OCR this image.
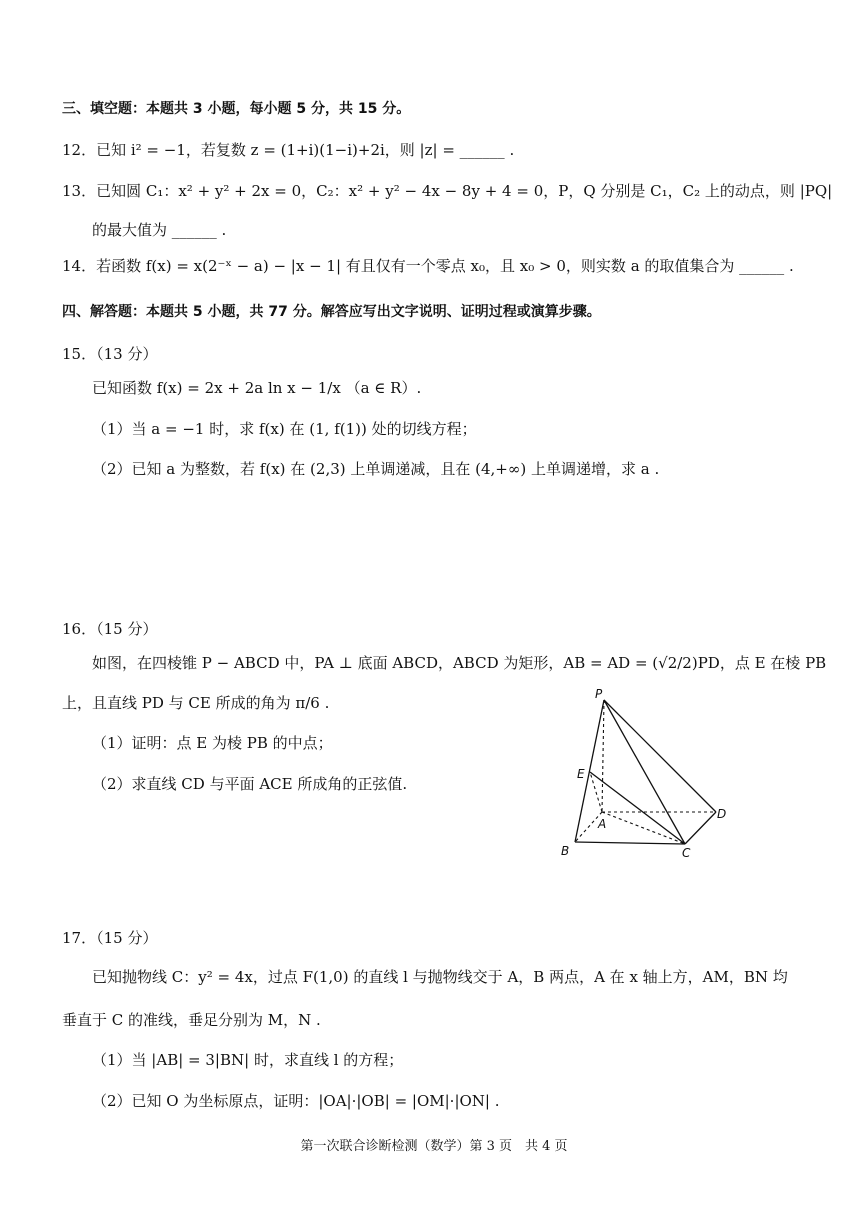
三、填空题：本题共 3 小题，每小题 5 分，共 15 分。
12．已知 i² = −1，若复数 z = (1+i)(1−i)+2i，则 |z| = ______ .
13．已知圆 C₁：x² + y² + 2x = 0，C₂：x² + y² − 4x − 8y + 4 = 0，P，Q 分别是 C₁，C₂ 上的动点，则 |PQ|
的最大值为 ______ .
14．若函数 f(x) = x(2⁻ˣ − a) − |x − 1| 有且仅有一个零点 x₀，且 x₀ > 0，则实数 a 的取值集合为 ______ .
四、解答题：本题共 5 小题，共 77 分。解答应写出文字说明、证明过程或演算步骤。
15．（13 分）
已知函数 f(x) = 2x + 2a ln x − 1/x （a ∈ R）.
（1）当 a = −1 时，求 f(x) 在 (1, f(1)) 处的切线方程；
（2）已知 a 为整数，若 f(x) 在 (2,3) 上单调递减，且在 (4,+∞) 上单调递增，求 a .
16．（15 分）
如图，在四棱锥 P − ABCD 中，PA ⊥ 底面 ABCD，ABCD 为矩形，AB = AD = (√2/2)PD，点 E 在棱 PB
上，且直线 PD 与 CE 所成的角为 π/6 .
（1）证明：点 E 为棱 PB 的中点；
（2）求直线 CD 与平面 ACE 所成角的正弦值.
P
E
A
B	C
D
17．（15 分）
已知抛物线 C：y² = 4x，过点 F(1,0) 的直线 l 与抛物线交于 A，B 两点，A 在 x 轴上方，AM，BN 均
垂直于 C 的准线，垂足分别为 M，N .
（1）当 |AB| = 3|BN| 时，求直线 l 的方程；
（2）已知 O 为坐标原点，证明：|OA|·|OB| = |OM|·|ON| .
第一次联合诊断检测（数学）第 3 页　共 4 页
